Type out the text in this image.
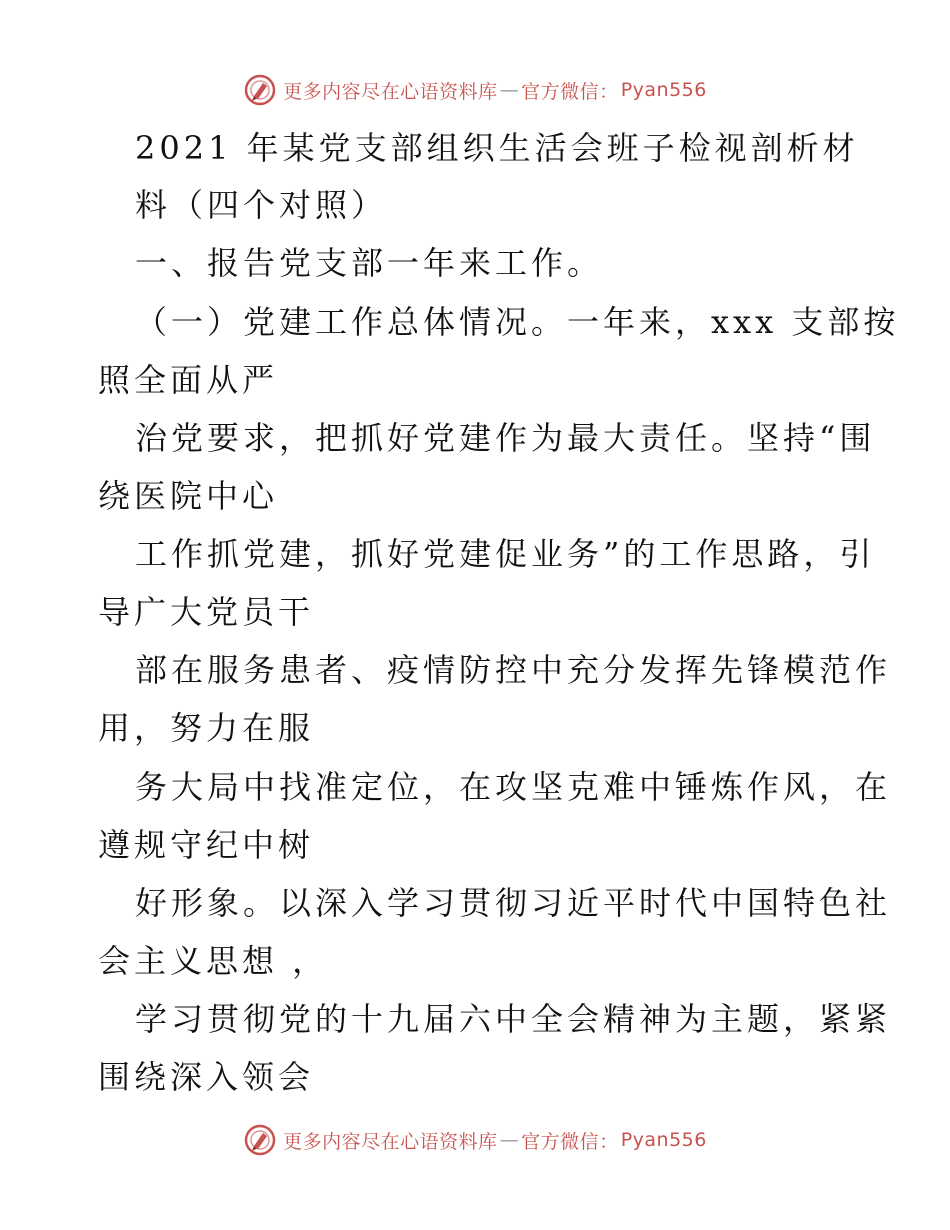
更多内容尽在心语资料库 — 官方微信： Pyan556
2021 年某党支部组织生活会班子检视剖析材
料（四个对照）
一、报告党支部一年来工作。
（一）党建工作总体情况。一年来，xxx 支部按
照全面从严
治党要求，把抓好党建作为最大责任。坚持“围
绕医院中心
工作抓党建，抓好党建促业务”的工作思路，引
导广大党员干
部在服务患者、疫情防控中充分发挥先锋模范作
用，努力在服
务大局中找准定位，在攻坚克难中锤炼作风，在
遵规守纪中树
好形象。以深入学习贯彻习近平时代中国特色社
会主义思想 ，
学习贯彻党的十九届六中全会精神为主题，紧紧
围绕深入领会
更多内容尽在心语资料库 — 官方微信： Pyan556
